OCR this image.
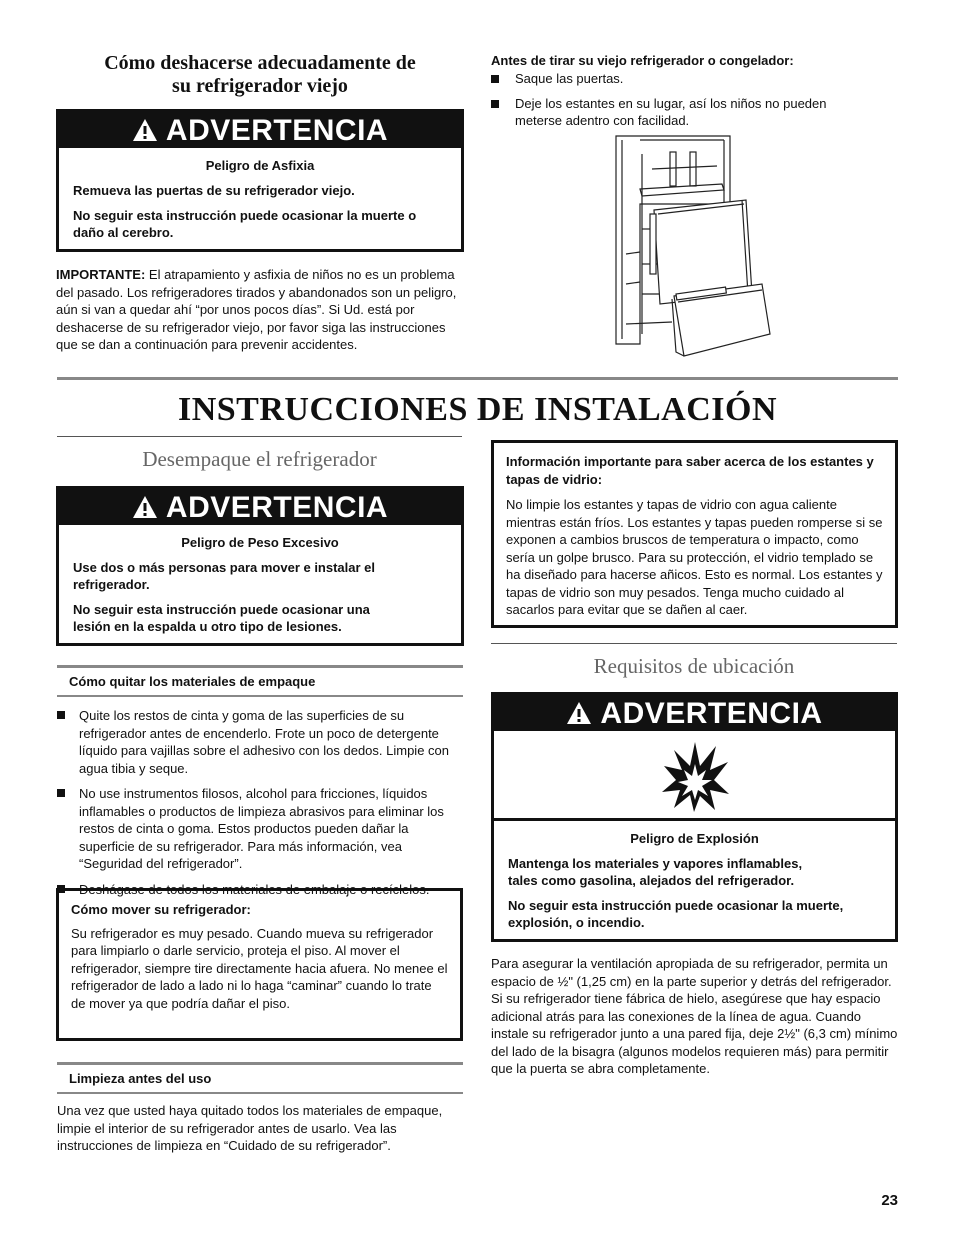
Cómo deshacerse adecuadamente de
su refrigerador viejo
ADVERTENCIA

Peligro de Asfixia

Remueva las puertas de su refrigerador viejo.

No seguir esta instrucción puede ocasionar la muerte o daño al cerebro.

IMPORTANTE: El atrapamiento y asfixia de niños no es un problema del pasado. Los refrigeradores tirados y abandonados son un peligro, aún si van a quedar ahí “por unos pocos días”. Si Ud. está por deshacerse de su refrigerador viejo, por favor siga las instrucciones que se dan a continuación para prevenir accidentes.
Antes de tirar su viejo refrigerador o congelador:
Saque las puertas.
Deje los estantes en su lugar, así los niños no pueden meterse adentro con facilidad.
INSTRUCCIONES DE INSTALACIÓN
Desempaque el refrigerador
ADVERTENCIA

Peligro de Peso Excesivo

Use dos o más personas para mover e instalar el refrigerador.

No seguir esta instrucción puede ocasionar una lesión en la espalda u otro tipo de lesiones.

Cómo quitar los materiales de empaque
Quite los restos de cinta y goma de las superficies de su refrigerador antes de encenderlo. Frote un poco de detergente líquido para vajillas sobre el adhesivo con los dedos. Limpie con agua tibia y seque.
No use instrumentos filosos, alcohol para fricciones, líquidos inflamables o productos de limpieza abrasivos para eliminar los restos de cinta o goma. Estos productos pueden dañar la superficie de su refrigerador. Para más información, vea “Seguridad del refrigerador”.
Deshágase de todos los materiales de embalaje o recíclelos.
Cómo mover su refrigerador:
Su refrigerador es muy pesado. Cuando mueva su refrigerador para limpiarlo o darle servicio, proteja el piso. Al mover el refrigerador, siempre tire directamente hacia afuera. No menee el refrigerador de lado a lado ni lo haga “caminar” cuando lo trate de mover ya que podría dañar el piso.
Limpieza antes del uso
Una vez que usted haya quitado todos los materiales de empaque, limpie el interior de su refrigerador antes de usarlo. Vea las instrucciones de limpieza en “Cuidado de su refrigerador”.
Información importante para saber acerca de los estantes y tapas de vidrio:
No limpie los estantes y tapas de vidrio con agua caliente mientras están fríos. Los estantes y tapas pueden romperse si se exponen a cambios bruscos de temperatura o impacto, como sería un golpe brusco. Para su protección, el vidrio templado se ha diseñado para hacerse añicos. Esto es normal. Los estantes y tapas de vidrio son muy pesados. Tenga mucho cuidado al sacarlos para evitar que se dañen al caer.
Requisitos de ubicación
ADVERTENCIA

Peligro de Explosión

Mantenga los materiales y vapores inflamables, tales como gasolina, alejados del refrigerador.

No seguir esta instrucción puede ocasionar la muerte, explosión, o incendio.

Para asegurar la ventilación apropiada de su refrigerador, permita un espacio de ½" (1,25 cm) en la parte superior y detrás del refrigerador. Si su refrigerador tiene fábrica de hielo, asegúrese que hay espacio adicional atrás para las conexiones de la línea de agua. Cuando instale su refrigerador junto a una pared fija, deje 2½" (6,3 cm) mínimo del lado de la bisagra (algunos modelos requieren más) para permitir que la puerta se abra completamente.
23
